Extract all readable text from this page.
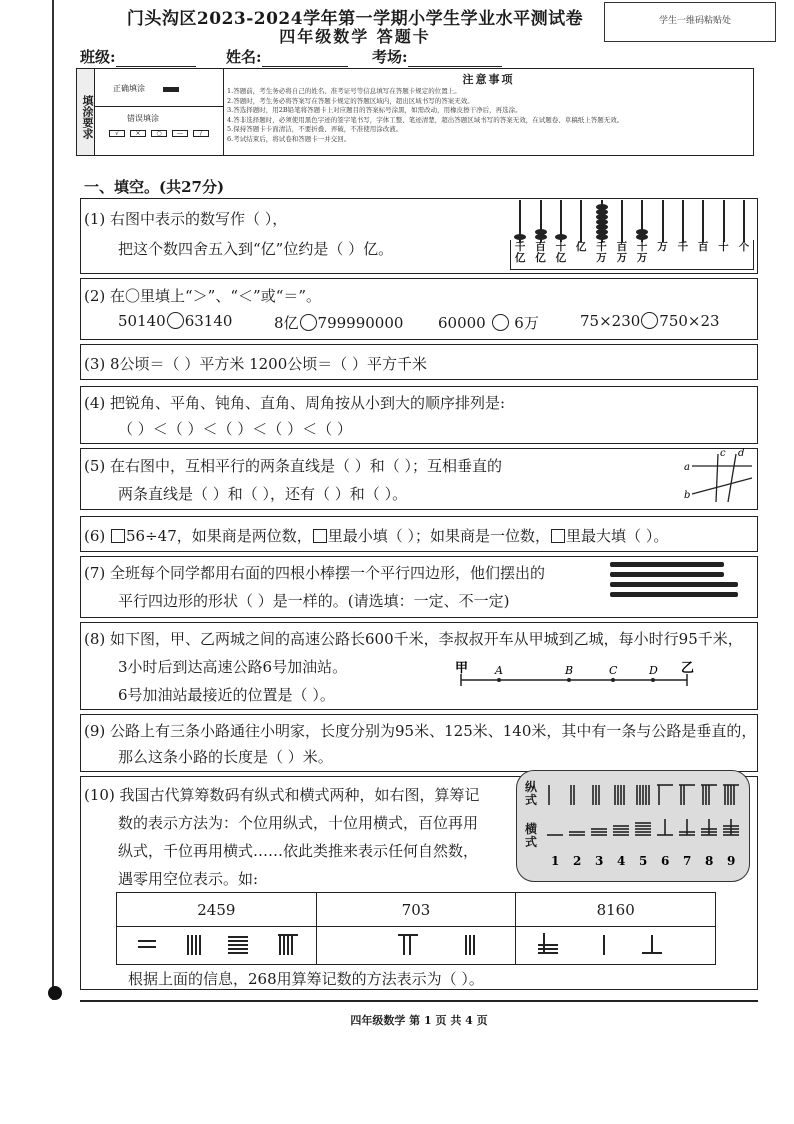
门头沟区2023-2024学年第一学期小学生学业水平测试卷
四年级数学 答题卡
学生一维码粘贴处
班级:	姓名:	考场:
填涂要求
正确填涂
错误填涂
√	×	○	—	/
注意事项
1.答题前，考生务必将自己的姓名、准考证号等信息填写在答题卡规定的位置上。
2.答题时，考生务必将答案写在答题卡规定的答题区域内，超出区域书写的答案无效。
3.答选择题时，用2B铅笔将答题卡上对应题目的答案标号涂黑，如需改动，用橡皮擦干净后，再选涂。
4.答非选择题时，必须使用黑色字迹的签字笔书写，字体工整、笔迹清楚，超出答题区域书写的答案无效，在试题卷、草稿纸上答题无效。
5.保持答题卡卡面清洁，不要折叠、弄破，不准使用涂改液。
6.考试结束后，将试卷和答题卡一并交回。
一、填空。(共27分)
(1) 右图中表示的数写作（ ），
把这个数四舍五入到“亿”位约是（ ）亿。	千
亿
百
亿
十
亿
亿 千
万
百
万
十
万
万 千 百 十 个
(2) 在〇里填上“＞”、“＜”或“＝”。
50140 63140	8亿 799990000 60000 6万	75×230 750×23
(3) 8公顷＝（ ）平方米 1200公顷＝（ ）平方千米
(4) 把锐角、平角、钝角、直角、周角按从小到大的顺序排列是:
（ ）＜（ ）＜（ ）＜（ ）＜（ ）
(5) 在右图中，互相平行的两条直线是（ ）和（ ）；互相垂直的
两条直线是（ ）和（ ），还有（ ）和（ ）。
a
b
c d
(6) 56÷47，如果商是两位数， 里最小填（ ）；如果商是一位数， 里最大填（ ）。
(7) 全班每个同学都用右面的四根小棒摆一个平行四边形，他们摆出的
平行四边形的形状（ ）是一样的。(请选填：一定、不一定)
(8) 如下图，甲、乙两城之间的高速公路长600千米，李叔叔开车从甲城到乙城，每小时行95千米，
3小时后到达高速公路6号加油站。
6号加油站最接近的位置是（ ）。
甲 A	B	C	D 乙
(9) 公路上有三条小路通往小明家，长度分别为95米、125米、140米，其中有一条与公路是垂直的，
那么这条小路的长度是（ ）米。
(10) 我国古代算筹数码有纵式和横式两种，如右图，算筹记
数的表示方法为：个位用纵式，十位用横式，百位再用
纵式，千位再用横式……依此类推来表示任何自然数，
遇零用空位表示。如:
纵式
横式
1 2 3 4 5 6 7 8 9
2459	703	8160

根据上面的信息，268用算筹记数的方法表示为（ ）。
四年级数学 第 1 页 共 4 页
